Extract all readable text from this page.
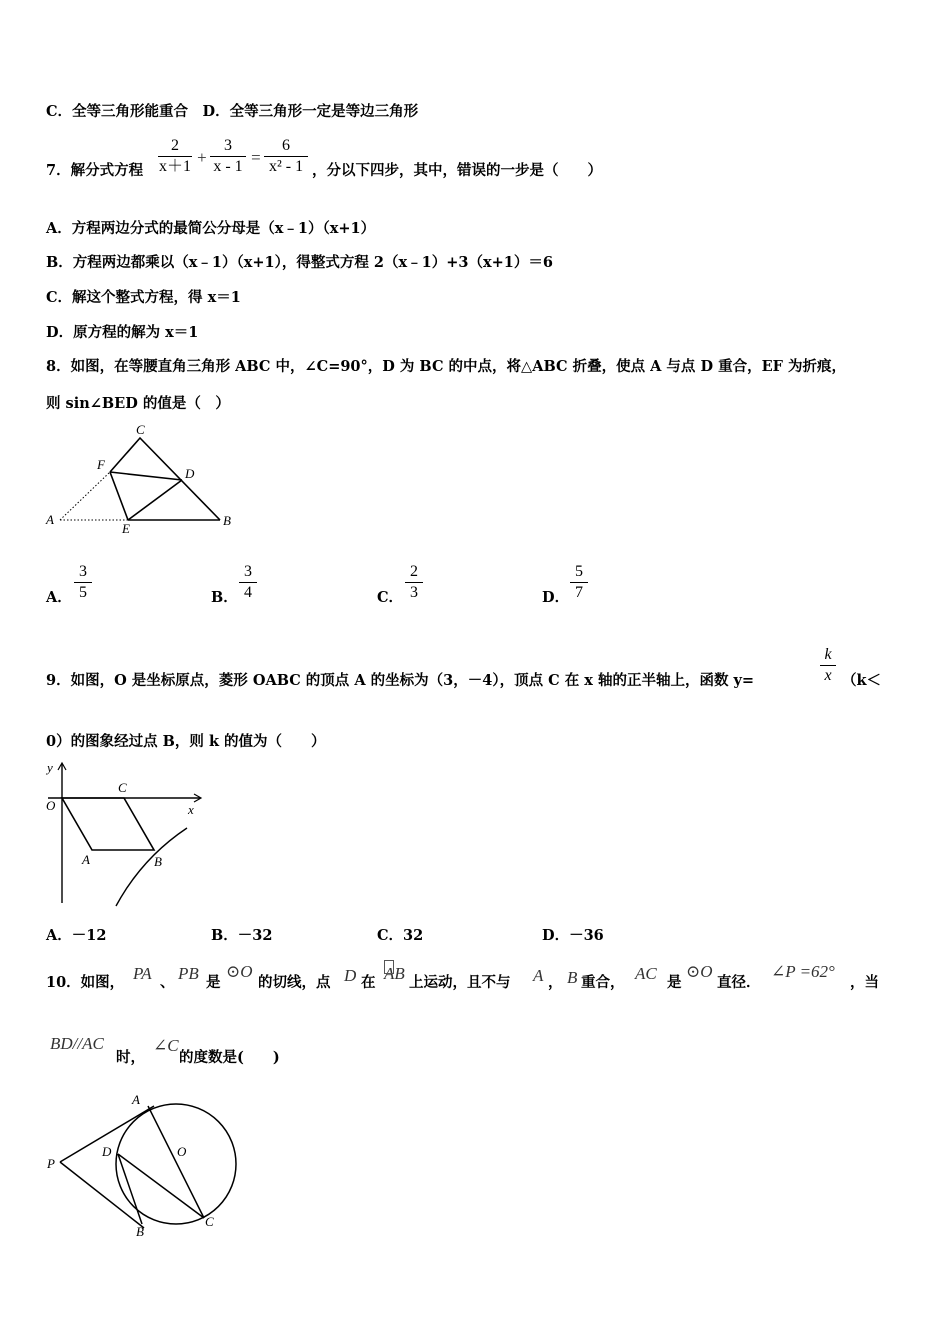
C．全等三角形能重合　D．全等三角形一定是等边三角形
7．解分式方程
2
x＋1 +
3
x - 1 =
6
x² - 1 ，分以下四步，其中，错误的一步是（　　）
A．方程两边分式的最简公分母是（x﹣1）（x+1）
B．方程两边都乘以（x﹣1）（x+1），得整式方程 2（x﹣1）+3（x+1）＝6
C．解这个整式方程，得 x＝1
D．原方程的解为 x＝1
8．如图，在等腰直角三角形 ABC 中，∠C=90°，D 为 BC 的中点，将△ABC 折叠，使点 A 与点 D 重合，EF 为折痕，
则 sin∠BED 的值是（　）
C
F
D
A
E
B
A．
3
5	B．
3
4	C．
2
3	D．
5
7
9．如图，O 是坐标原点，菱形 OABC 的顶点 A 的坐标为（3，－4），顶点 C 在 x 轴的正半轴上，函数 y=
k
x （k＜
0）的图象经过点 B，则 k 的值为（　　）
y
O
C
x
A	B
A．－12	B．－32	C．32	D．－36
10．如图， PA 、 PB 是
⊙O
的切线，点 D 在 AB 上运动，且不与 A ， B 重合， AC 是
⊙O
直径．
∠P =62°
，当
BD//AC
时，
∠C
的度数是(　　)
A
P
D	O
B
C
